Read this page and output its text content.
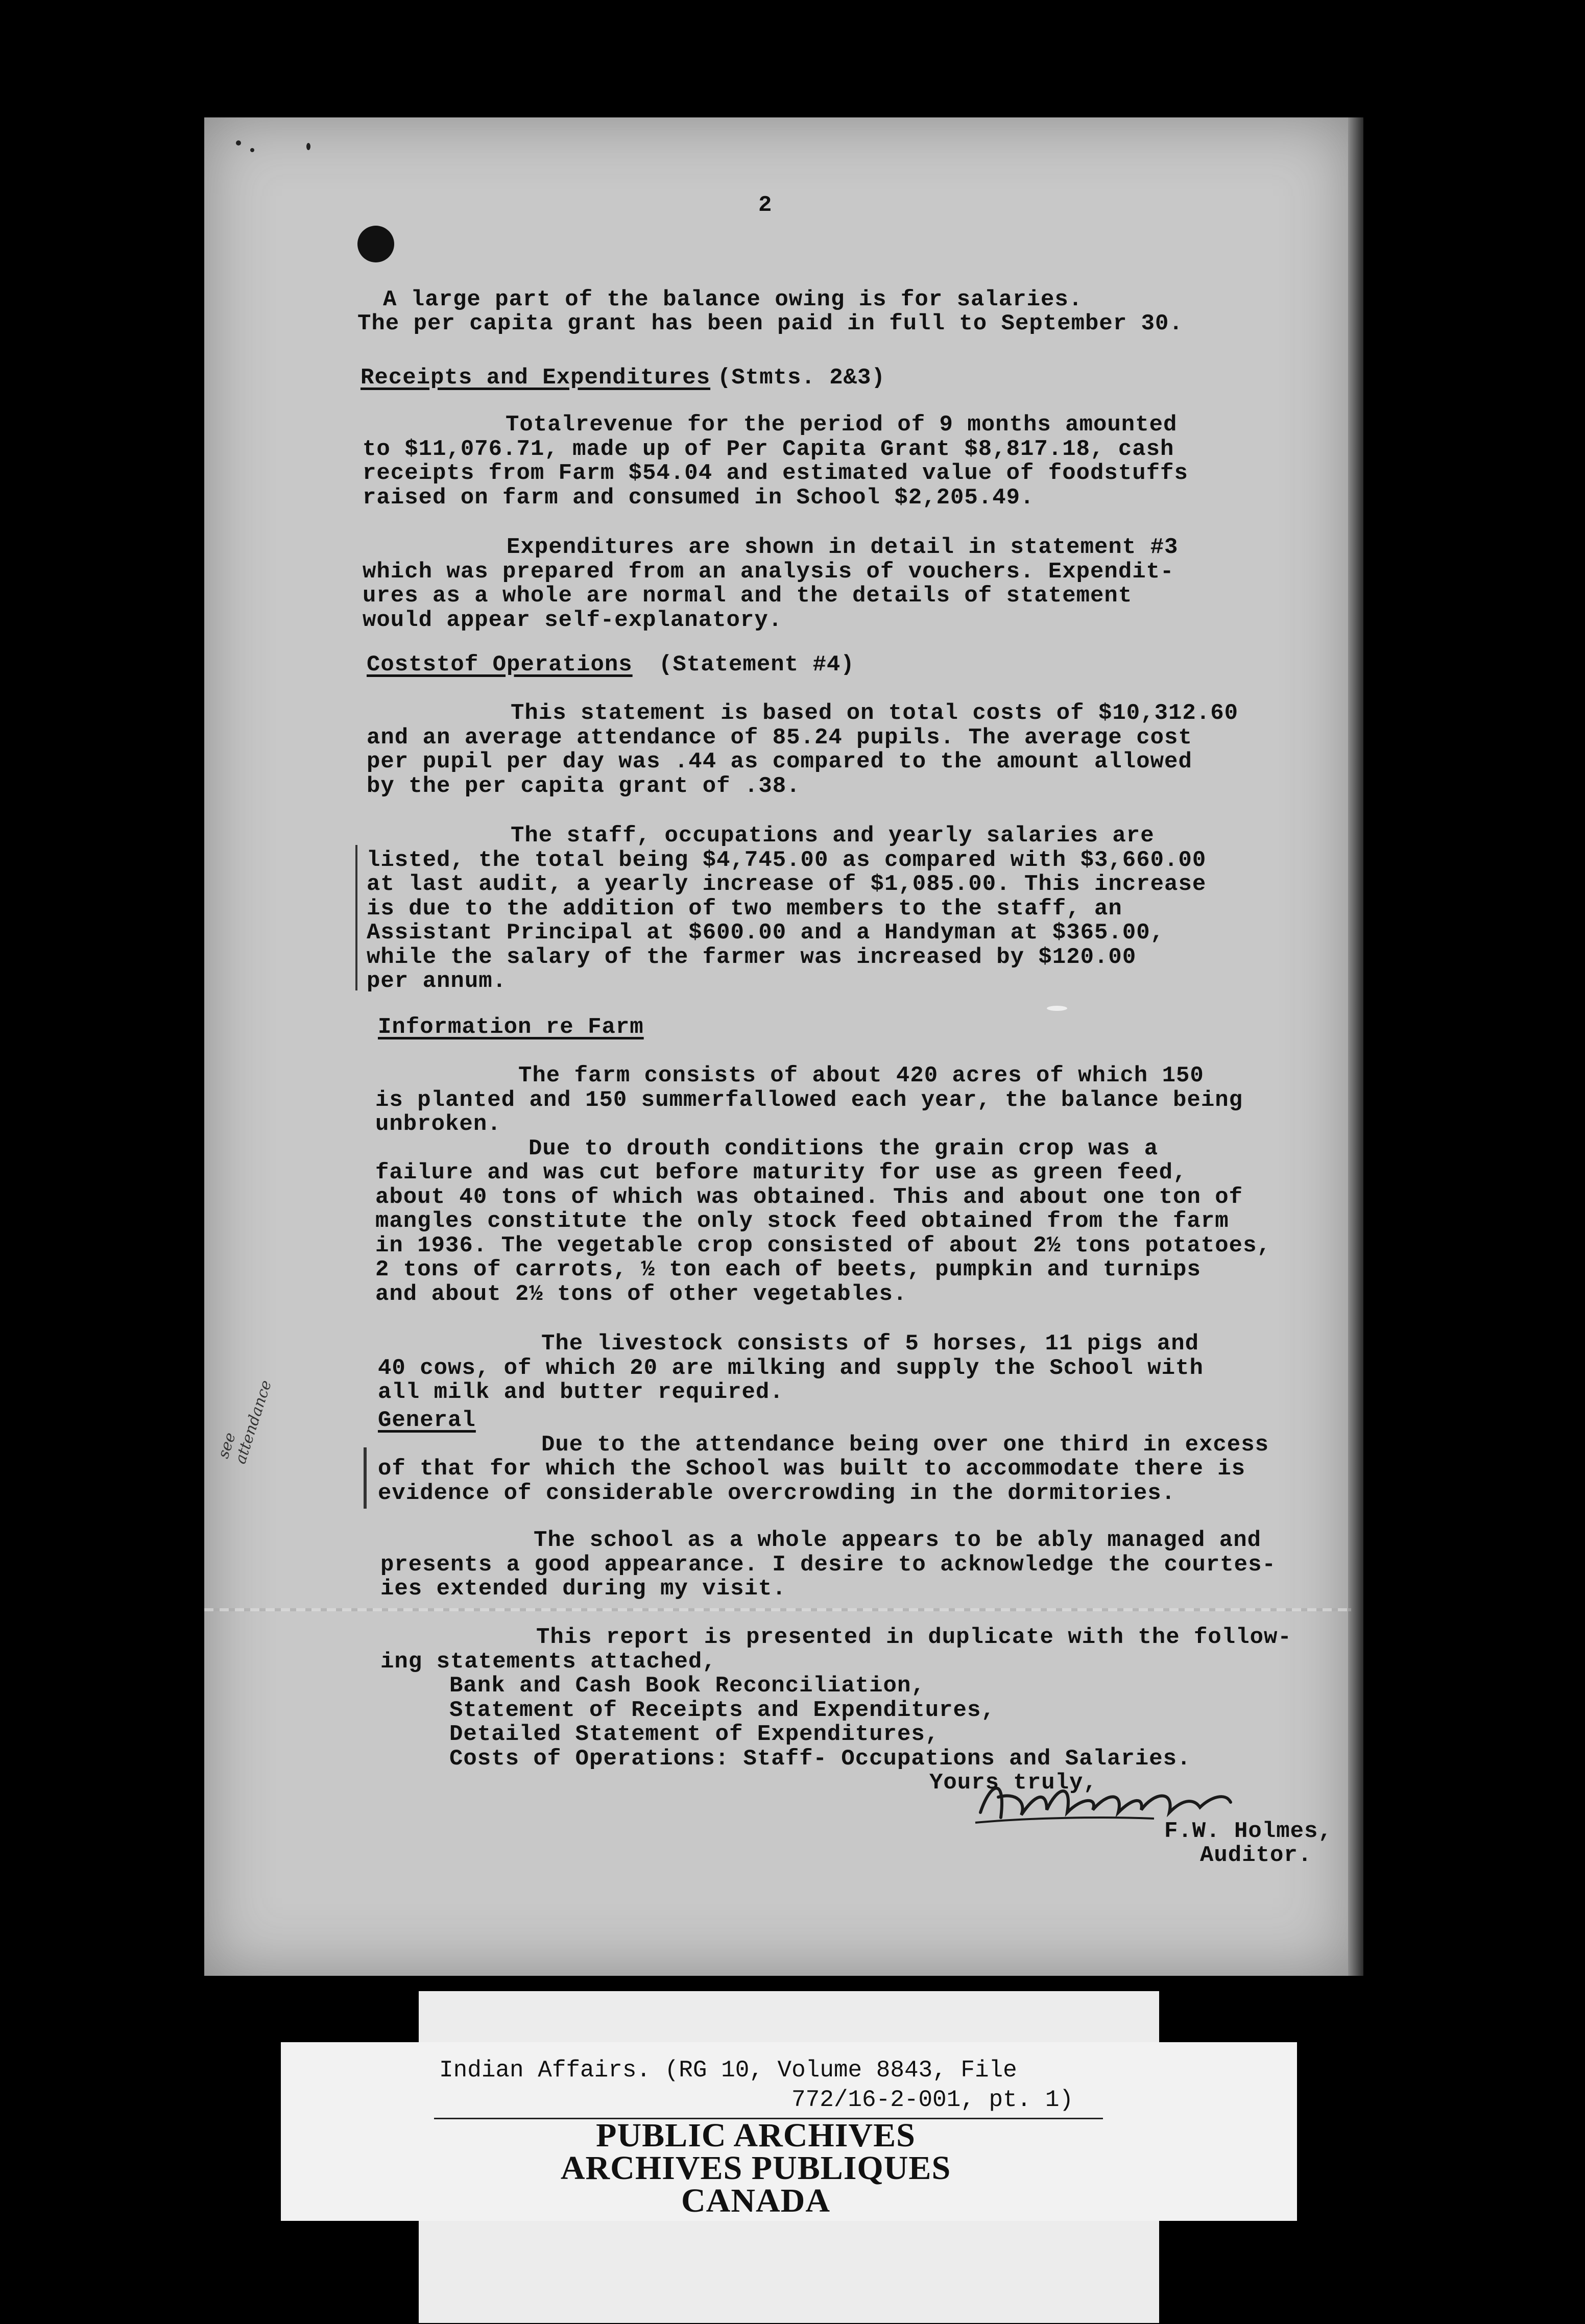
2
A large part of the balance owing is for salaries.
The per capita grant has been paid in full to September 30.
Receipts and Expenditures (Stmts. 2&3)
Totalrevenue for the period of 9 months amounted
to $11,076.71, made up of Per Capita Grant $8,817.18, cash
receipts from Farm $54.04 and estimated value of foodstuffs
raised on farm and consumed in School $2,205.49.
Expenditures are shown in detail in statement #3
which was prepared from an analysis of vouchers. Expendit-
ures as a whole are normal and the details of statement
would appear self-explanatory.
Coststof Operations (Statement #4)
This statement is based on total costs of $10,312.60
and an average attendance of 85.24 pupils. The average cost
per pupil per day was .44 as compared to the amount allowed
by the per capita grant of .38.
The staff, occupations and yearly salaries are
listed, the total being $4,745.00 as compared with $3,660.00
at last audit, a yearly increase of $1,085.00. This increase
is due to the addition of two members to the staff, an
Assistant Principal at $600.00 and a Handyman at $365.00,
while the salary of the farmer was increased by $120.00
per annum.
Information re Farm
The farm consists of about 420 acres of which 150
is planted and 150 summerfallowed each year, the balance being
unbroken.
Due to drouth conditions the grain crop was a
failure and was cut before maturity for use as green feed,
about 40 tons of which was obtained. This and about one ton of
mangles constitute the only stock feed obtained from the farm
in 1936. The vegetable crop consisted of about 2½ tons potatoes,
2 tons of carrots, ½ ton each of beets, pumpkin and turnips
and about 2½ tons of other vegetables.
The livestock consists of 5 horses, 11 pigs and
40 cows, of which 20 are milking and supply the School with
all milk and butter required.
General
Due to the attendance being over one third in excess
of that for which the School was built to accommodate there is
evidence of considerable overcrowding in the dormitories.
The school as a whole appears to be ably managed and
presents a good appearance. I desire to acknowledge the courtes-
ies extended during my visit.
This report is presented in duplicate with the follow-
ing statements attached,
Bank and Cash Book Reconciliation,
Statement of Receipts and Expenditures,
Detailed Statement of Expenditures,
Costs of Operations: Staff- Occupations and Salaries.
Yours truly,
F.W. Holmes,
Auditor.
see
attendance
Indian Affairs. (RG 10, Volume 8843, File
772/16-2-001, pt. 1)
PUBLIC ARCHIVES
ARCHIVES PUBLIQUES
CANADA
